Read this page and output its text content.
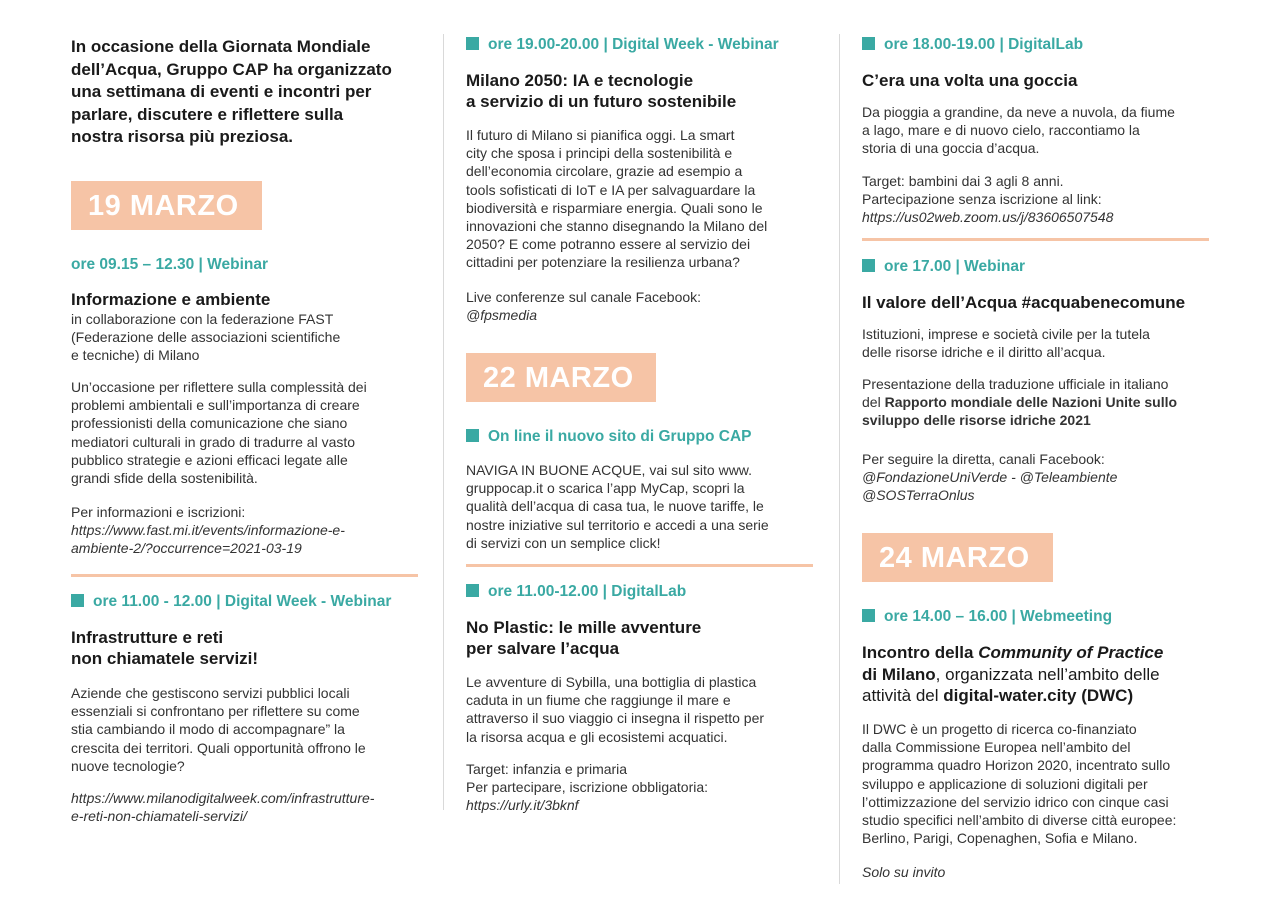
In occasione della Giornata Mondiale
dell’Acqua, Gruppo CAP ha organizzato
una settimana di eventi e incontri per
parlare, discutere e riflettere sulla
nostra risorsa più preziosa.

19 MARZO
ore 09.15 – 12.30 | Webinar

Informazione e ambiente

in collaborazione con la federazione FAST
(Federazione delle associazioni scientifiche
e tecniche) di Milano

Un’occasione per riflettere sulla complessità dei
problemi ambientali e sull’importanza di creare
professionisti della comunicazione che siano
mediatori culturali in grado di tradurre al vasto
pubblico strategie e azioni efficaci legate alle
grandi sfide della sostenibilità.

Per informazioni e iscrizioni:
https://www.fast.mi.it/events/informazione-e-
ambiente-2/?occurrence=2021-03-19

ore 11.00 - 12.00 | Digital Week - Webinar

Infrastrutture e reti
non chiamatele servizi!

Aziende che gestiscono servizi pubblici locali
essenziali si confrontano per riflettere su come
stia cambiando il modo di accompagnare” la
crescita dei territori. Quali opportunità offrono le
nuove tecnologie?

https://www.milanodigitalweek.com/infrastrutture-
e-reti-non-chiamateli-servizi/

ore 19.00-20.00 | Digital Week - Webinar

Milano 2050: IA e tecnologie
a servizio di un futuro sostenibile

Il futuro di Milano si pianifica oggi. La smart
city che sposa i principi della sostenibilità e
dell’economia circolare, grazie ad esempio a
tools sofisticati di IoT e IA per salvaguardare la
biodiversità e risparmiare energia. Quali sono le
innovazioni che stanno disegnando la Milano del
2050? E come potranno essere al servizio dei
cittadini per potenziare la resilienza urbana?

Live conferenze sul canale Facebook:
@fpsmedia

22 MARZO
On line il nuovo sito di Gruppo CAP

NAVIGA IN BUONE ACQUE, vai sul sito www.
gruppocap.it o scarica l’app MyCap, scopri la
qualità dell’acqua di casa tua, le nuove tariffe, le
nostre iniziative sul territorio e accedi a una serie
di servizi con un semplice click!

ore 11.00-12.00 | DigitalLab

No Plastic: le mille avventure
per salvare l’acqua

Le avventure di Sybilla, una bottiglia di plastica
caduta in un fiume che raggiunge il mare e
attraverso il suo viaggio ci insegna il rispetto per
la risorsa acqua e gli ecosistemi acquatici.

Target: infanzia e primaria
Per partecipare, iscrizione obbligatoria:
https://urly.it/3bknf

ore 18.00-19.00 | DigitalLab

C’era una volta una goccia

Da pioggia a grandine, da neve a nuvola, da fiume
a lago, mare e di nuovo cielo, raccontiamo la
storia di una goccia d’acqua.

Target: bambini dai 3 agli 8 anni.
Partecipazione senza iscrizione al link:
https://us02web.zoom.us/j/83606507548

ore 17.00 | Webinar

Il valore dell’Acqua #acquabenecomune

Istituzioni, imprese e società civile per la tutela
delle risorse idriche e il diritto all’acqua.

Presentazione della traduzione ufficiale in italiano
del Rapporto mondiale delle Nazioni Unite sullo
sviluppo delle risorse idriche 2021

Per seguire la diretta, canali Facebook:
@FondazioneUniVerde - @Teleambiente
@SOSTerraOnlus

24 MARZO
ore 14.00 – 16.00 | Webmeeting

Incontro della Community of Practice
di Milano, organizzata nell’ambito delle
attività del digital-water.city (DWC)

Il DWC è un progetto di ricerca co-finanziato
dalla Commissione Europea nell’ambito del
programma quadro Horizon 2020, incentrato sullo
sviluppo e applicazione di soluzioni digitali per
l’ottimizzazione del servizio idrico con cinque casi
studio specifici nell’ambito di diverse città europee:
Berlino, Parigi, Copenaghen, Sofia e Milano.

Solo su invito
